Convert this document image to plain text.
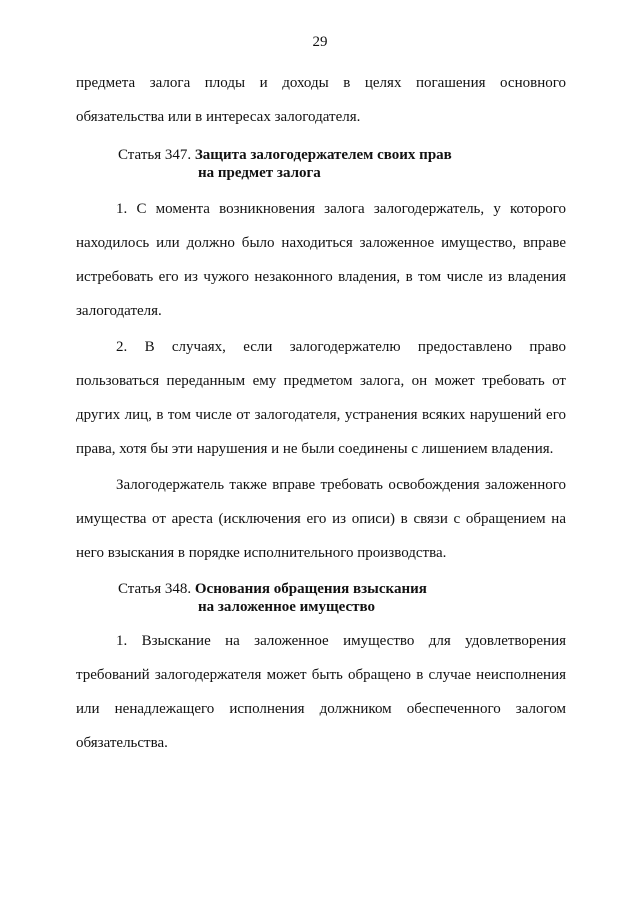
29

предмета залога плоды и доходы в целях погашения основного обязательства или в интересах залогодателя.

Статья 347. Защита залогодержателем своих прав
на предмет залога

1. С момента возникновения залога залогодержатель, у которого находилось или должно было находиться заложенное имущество, вправе истребовать его из чужого незаконного владения, в том числе из владения залогодателя.

2. В случаях, если залогодержателю предоставлено право пользоваться переданным ему предметом залога, он может требовать от других лиц, в том числе от залогодателя, устранения всяких нарушений его права, хотя бы эти нарушения и не были соединены с лишением владения.

Залогодержатель также вправе требовать освобождения заложенного имущества от ареста (исключения его из описи) в связи с обращением на него взыскания в порядке исполнительного производства.

Статья 348. Основания обращения взыскания
на заложенное имущество

1. Взыскание на заложенное имущество для удовлетворения требований залогодержателя может быть обращено в случае неисполнения или ненадлежащего исполнения должником обеспеченного залогом обязательства.
